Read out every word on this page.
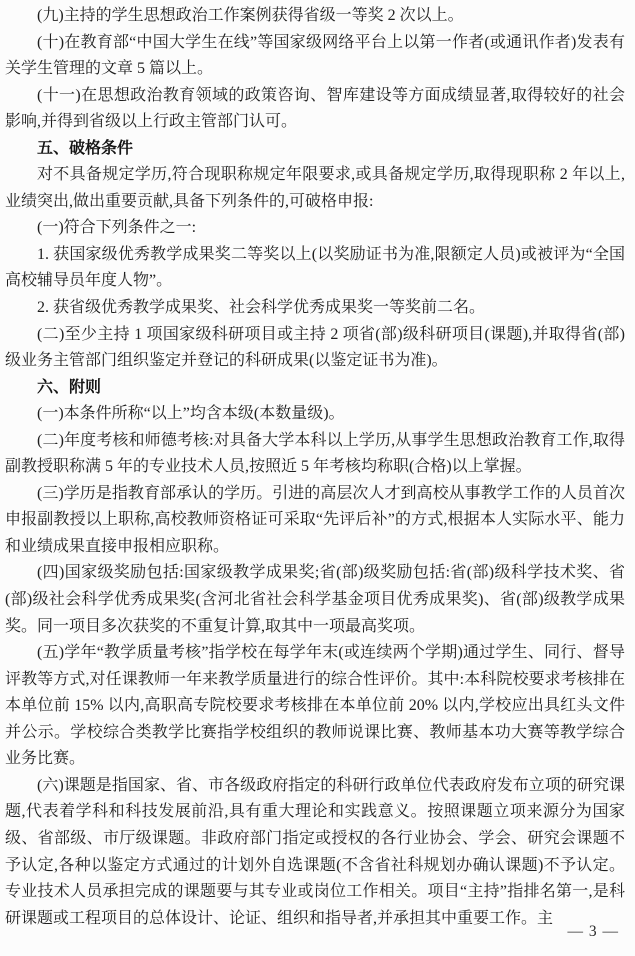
(九)主持的学生思想政治工作案例获得省级一等奖 2 次以上。

(十)在教育部“中国大学生在线”等国家级网络平台上以第一作者(或通讯作者)发表有关学生管理的文章 5 篇以上。

(十一)在思想政治教育领域的政策咨询、智库建设等方面成绩显著,取得较好的社会影响,并得到省级以上行政主管部门认可。

五、破格条件

对不具备规定学历,符合现职称规定年限要求,或具备规定学历,取得现职称 2 年以上,业绩突出,做出重要贡献,具备下列条件的,可破格申报:

(一)符合下列条件之一:

1. 获国家级优秀教学成果奖二等奖以上(以奖励证书为准,限额定人员)或被评为“全国高校辅导员年度人物”。

2. 获省级优秀教学成果奖、社会科学优秀成果奖一等奖前二名。

(二)至少主持 1 项国家级科研项目或主持 2 项省(部)级科研项目(课题),并取得省(部)级业务主管部门组织鉴定并登记的科研成果(以鉴定证书为准)。

六、附则

(一)本条件所称“以上”均含本级(本数量级)。

(二)年度考核和师德考核:对具备大学本科以上学历,从事学生思想政治教育工作,取得副教授职称满 5 年的专业技术人员,按照近 5 年考核均称职(合格)以上掌握。

(三)学历是指教育部承认的学历。引进的高层次人才到高校从事教学工作的人员首次申报副教授以上职称,高校教师资格证可采取“先评后补”的方式,根据本人实际水平、能力和业绩成果直接申报相应职称。

(四)国家级奖励包括:国家级教学成果奖;省(部)级奖励包括:省(部)级科学技术奖、省(部)级社会科学优秀成果奖(含河北省社会科学基金项目优秀成果奖)、省(部)级教学成果奖。同一项目多次获奖的不重复计算,取其中一项最高奖项。

(五)学年“教学质量考核”指学校在每学年末(或连续两个学期)通过学生、同行、督导评教等方式,对任课教师一年来教学质量进行的综合性评价。其中:本科院校要求考核排在本单位前 15% 以内,高职高专院校要求考核排在本单位前 20% 以内,学校应出具红头文件并公示。学校综合类教学比赛指学校组织的教师说课比赛、教师基本功大赛等教学综合业务比赛。

(六)课题是指国家、省、市各级政府指定的科研行政单位代表政府发布立项的研究课题,代表着学科和科技发展前沿,具有重大理论和实践意义。按照课题立项来源分为国家级、省部级、市厅级课题。非政府部门指定或授权的各行业协会、学会、研究会课题不予认定,各种以鉴定方式通过的计划外自选课题(不含省社科规划办确认课题)不予认定。专业技术人员承担完成的课题要与其专业或岗位工作相关。项目“主持”指排名第一,是科研课题或工程项目的总体设计、论证、组织和指导者,并承担其中重要工作。主

— 3 —
